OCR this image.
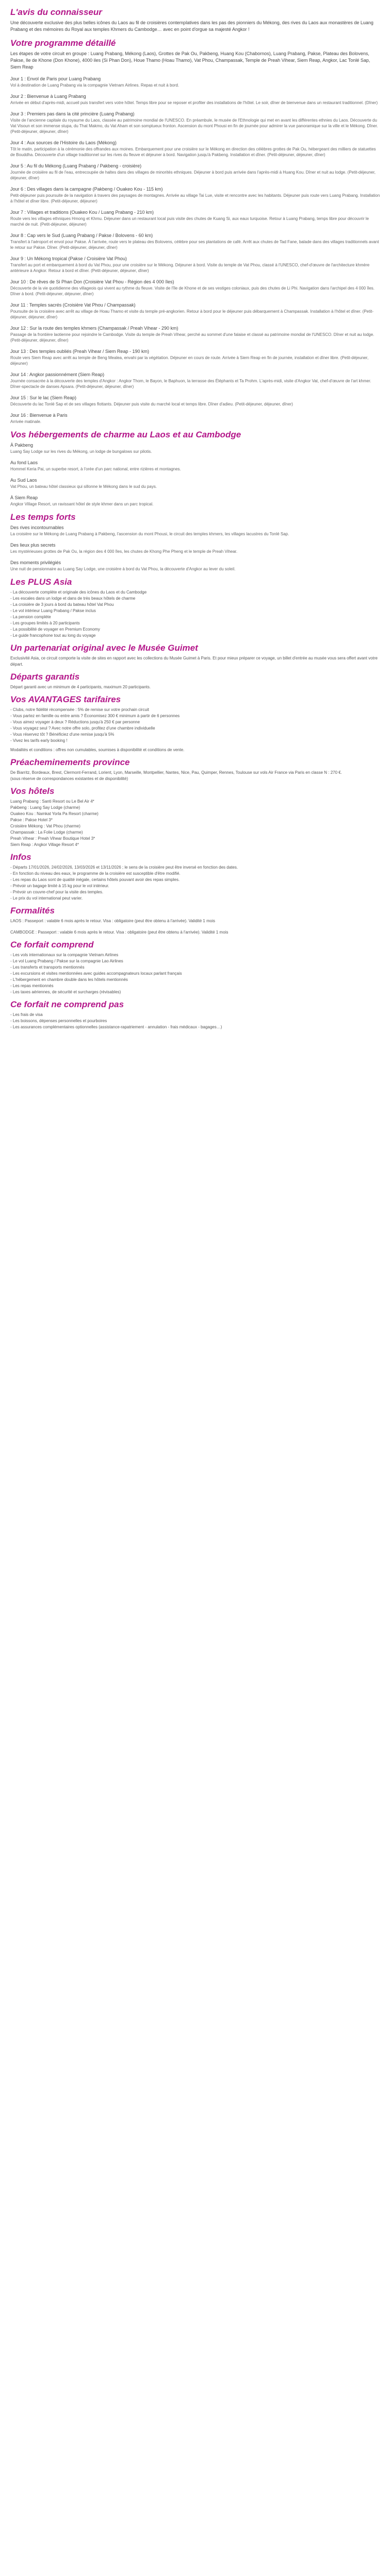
L'avis du connaisseur

Une découverte exclusive des plus belles icônes du Laos au fil de croisières contemplatives dans les pas des pionniers du Mékong, des rives du Laos aux monastères de Luang Prabang et des mémoires du Royal aux temples Khmers du Cambodge… avec en point d'orgue sa majesté Angkor !

Votre programme détaillé

Les étapes de votre circuit en groupe : Luang Prabang, Mékong (Laos), Grottes de Pak Ou, Pakbeng, Huang Kou (Chabornos), Luang Prabang, Pakse, Plateau des Bolovens, Pakse, Ile de Khone (Don Khone), 4000 iles (Si Phan Don), Houe Thamo (Hoau Thamo), Vat Phou, Champassak, Temple de Preah Vihear, Siem Reap, Angkor, Lac Tonlé Sap, Siem Reap

Jour 1 : Envol de Paris pour Luang Prabang

Vol à destination de Luang Prabang via la compagnie Vietnam Airlines. Repas et nuit à bord.

Jour 2 : Bienvenue à Luang Prabang

Arrivée en début d'après-midi, accueil puis transfert vers votre hôtel. Temps libre pour se reposer et profiter des installations de l'hôtel. Le soir, dîner de bienvenue dans un restaurant traditionnel. (Dîner)

Jour 3 : Premiers pas dans la cité princière (Luang Prabang)

Visite de l'ancienne capitale du royaume du Laos, classée au patrimoine mondial de l'UNESCO. En préambule, le musée de l'Ethnologie qui met en avant les différentes ethnies du Laos. Découverte du Vat Visoun et son immense stupa, du That Makmo, du Vat Aham et son somptueux fronton. Ascension du mont Phousi en fin de journée pour admirer la vue panoramique sur la ville et le Mékong. Dîner. (Petit-déjeuner, déjeuner, dîner)

Jour 4 : Aux sources de l'Histoire du Laos (Mékong)

Tôt le matin, participation à la cérémonie des offrandes aux moines. Embarquement pour une croisière sur le Mékong en direction des célèbres grottes de Pak Ou, hébergeant des milliers de statuettes de Bouddha. Découverte d'un village traditionnel sur les rives du fleuve et déjeuner à bord. Navigation jusqu'à Pakbeng. Installation et dîner. (Petit-déjeuner, déjeuner, dîner)

Jour 5 : Au fil du Mékong (Luang Prabang / Pakbeng - croisière)

Journée de croisière au fil de l'eau, entrecoupée de haltes dans des villages de minorités ethniques. Déjeuner à bord puis arrivée dans l'après-midi à Huang Kou. Dîner et nuit au lodge. (Petit-déjeuner, déjeuner, dîner)

Jour 6 : Des villages dans la campagne (Pakbeng / Ouakeo Kou - 115 km)

Petit-déjeuner puis poursuite de la navigation à travers des paysages de montagnes. Arrivée au village Tai Lue, visite et rencontre avec les habitants. Déjeuner puis route vers Luang Prabang. Installation à l'hôtel et dîner libre. (Petit-déjeuner, déjeuner)

Jour 7 : Villages et traditions (Ouakeo Kou / Luang Prabang - 210 km)

Route vers les villages ethniques Hmong et Khmu. Déjeuner dans un restaurant local puis visite des chutes de Kuang Si, aux eaux turquoise. Retour à Luang Prabang, temps libre pour découvrir le marché de nuit. (Petit-déjeuner, déjeuner)

Jour 8 : Cap vers le Sud (Luang Prabang / Pakse / Bolovens - 60 km)

Transfert à l'aéroport et envol pour Pakse. À l'arrivée, route vers le plateau des Bolovens, célèbre pour ses plantations de café. Arrêt aux chutes de Tad Fane, balade dans des villages traditionnels avant le retour sur Pakse. Dîner. (Petit-déjeuner, déjeuner, dîner)

Jour 9 : Un Mékong tropical (Pakse / Croisière Vat Phou)

Transfert au port et embarquement à bord du Vat Phou, pour une croisière sur le Mékong. Déjeuner à bord. Visite du temple de Vat Phou, classé à l'UNESCO, chef-d'œuvre de l'architecture khmère antérieure à Angkor. Retour à bord et dîner. (Petit-déjeuner, déjeuner, dîner)

Jour 10 : De rêves de Si Phan Don (Croisière Vat Phou - Région des 4 000 îles)

Découverte de la vie quotidienne des villageois qui vivent au rythme du fleuve. Visite de l'île de Khone et de ses vestiges coloniaux, puis des chutes de Li Phi. Navigation dans l'archipel des 4 000 îles. Dîner à bord. (Petit-déjeuner, déjeuner, dîner)

Jour 11 : Temples sacrés (Croisière Vat Phou / Champassak)

Poursuite de la croisière avec arrêt au village de Hoau Thamo et visite du temple pré-angkorien. Retour à bord pour le déjeuner puis débarquement à Champassak. Installation à l'hôtel et dîner. (Petit-déjeuner, déjeuner, dîner)

Jour 12 : Sur la route des temples khmers (Champassak / Preah Vihear - 290 km)

Passage de la frontière laotienne pour rejoindre le Cambodge. Visite du temple de Preah Vihear, perché au sommet d'une falaise et classé au patrimoine mondial de l'UNESCO. Dîner et nuit au lodge. (Petit-déjeuner, déjeuner, dîner)

Jour 13 : Des temples oubliés (Preah Vihear / Siem Reap - 190 km)

Route vers Siem Reap avec arrêt au temple de Beng Mealea, envahi par la végétation. Déjeuner en cours de route. Arrivée à Siem Reap en fin de journée, installation et dîner libre. (Petit-déjeuner, déjeuner)

Jour 14 : Angkor passionnément (Siem Reap)

Journée consacrée à la découverte des temples d'Angkor : Angkor Thom, le Bayon, le Baphuon, la terrasse des Éléphants et Ta Prohm. L'après-midi, visite d'Angkor Vat, chef-d'œuvre de l'art khmer. Dîner-spectacle de danses Apsara. (Petit-déjeuner, déjeuner, dîner)

Jour 15 : Sur le lac (Siem Reap)

Découverte du lac Tonlé Sap et de ses villages flottants. Déjeuner puis visite du marché local et temps libre. Dîner d'adieu. (Petit-déjeuner, déjeuner, dîner)

Jour 16 : Bienvenue à Paris

Arrivée matinale.

Vos hébergements de charme au Laos et au Cambodge

À Pakbeng

Luang Say Lodge sur les rives du Mékong, un lodge de bungalows sur pilotis.

Au fond Laos

Hommel Keria Pai, un superbe resort, à l'orée d'un parc national, entre rizières et montagnes.

Au Sud Laos

Vat Phou, un bateau hôtel classieux qui sillonne le Mékong dans le sud du pays.

À Siem Reap

Angkor Village Resort, un ravissant hôtel de style khmer dans un parc tropical.

Les temps forts

Des rives incontournables

La croisière sur le Mékong de Luang Prabang à Pakbeng, l'ascension du mont Phousi, le circuit des temples khmers, les villages lacustres du Tonlé Sap.

Des lieux plus secrets

Les mystérieuses grottes de Pak Ou, la région des 4 000 îles, les chutes de Khong Phe Pheng et le temple de Preah Vihear.

Des moments privilégiés

Une nuit de pensionnaire au Luang Say Lodge, une croisière à bord du Vat Phou, la découverte d'Angkor au lever du soleil.

Les PLUS Asia

- La découverte complète et originale des icônes du Laos et du Cambodge

- Les escales dans un lodge et dans de très beaux hôtels de charme

- La croisière de 3 jours à bord du bateau hôtel Vat Phou

- Le vol intérieur Luang Prabang / Pakse inclus

- La pension complète

- Les groupes limités à 20 participants

- La possibilité de voyager en Premium Economy

- Le guide francophone tout au long du voyage

Un partenariat original avec le Musée Guimet

Exclusivité Asia, ce circuit comporte la visite de sites en rapport avec les collections du Musée Guimet à Paris. Et pour mieux préparer ce voyage, un billet d'entrée au musée vous sera offert avant votre départ.

Départs garantis

Départ garanti avec un minimum de 4 participants, maximum 20 participants.

Vos AVANTAGES tarifaires

- Clubs, notre fidélité récompensée : 5% de remise sur votre prochain circuit

- Vous partez en famille ou entre amis ? Économisez 300 € minimum à partir de 6 personnes

- Vous aimez voyager à deux ? Réductions jusqu'à 250 € par personne

- Vous voyagez seul ? Avec notre offre solo, profitez d'une chambre individuelle

- Vous réservez tôt ? Bénéficiez d'une remise jusqu'à 5%

- Vivez les tarifs early booking !

Modalités et conditions : offres non cumulables, soumises à disponibilité et conditions de vente.

Préacheminements province

De Biarritz, Bordeaux, Brest, Clermont-Ferrand, Lorient, Lyon, Marseille, Montpellier, Nantes, Nice, Pau, Quimper, Rennes, Toulouse sur vols Air France via Paris en classe N : 270 €.

(sous réserve de correspondances existantes et de disponibilité)

Vos hôtels

Luang Prabang : Santi Resort ou Le Bel Air 4*

Pakbeng : Luang Say Lodge (charme)

Ouakeo Kou : Namkat Yorla Pa Resort (charme)

Pakse : Pakse Hotel 3*

Croisière Mékong : Vat Phou (charme)

Champassak : La Folie Lodge (charme)

Preah Vihear : Preah Vihear Boutique Hotel 3*

Siem Reap : Angkor Village Resort 4*

Infos

- Départs 17/01/2026, 24/02/2026, 13/03/2026 et 13/11/2026 ; le sens de la croisière peut être inversé en fonction des dates.

- En fonction du niveau des eaux, le programme de la croisière est susceptible d'être modifié.

- Les repas du Laos sont de qualité inégale, certains hôtels pouvant avoir des repas simples.

- Prévoir un bagage limité à 15 kg pour le vol intérieur.

- Prévoir un couvre-chef pour la visite des temples.

- Le prix du vol international peut varier.

Formalités

LAOS : Passeport : valable 6 mois après le retour. Visa : obligatoire (peut être obtenu à l'arrivée). Validité 1 mois

CAMBODGE : Passeport : valable 6 mois après le retour. Visa : obligatoire (peut être obtenu à l'arrivée). Validité 1 mois

Ce forfait comprend

- Les vols internationaux sur la compagnie Vietnam Airlines

- Le vol Luang Prabang / Pakse sur la compagnie Lao Airlines

- Les transferts et transports mentionnés

- Les excursions et visites mentionnées avec guides accompagnateurs locaux parlant français

- L'hébergement en chambre double dans les hôtels mentionnés

- Les repas mentionnés

- Les taxes aériennes, de sécurité et surcharges (révisables)

Ce forfait ne comprend pas

- Les frais de visa

- Les boissons, dépenses personnelles et pourboires

- Les assurances complémentaires optionnelles (assistance-rapatriement - annulation - frais médicaux - bagages…)
